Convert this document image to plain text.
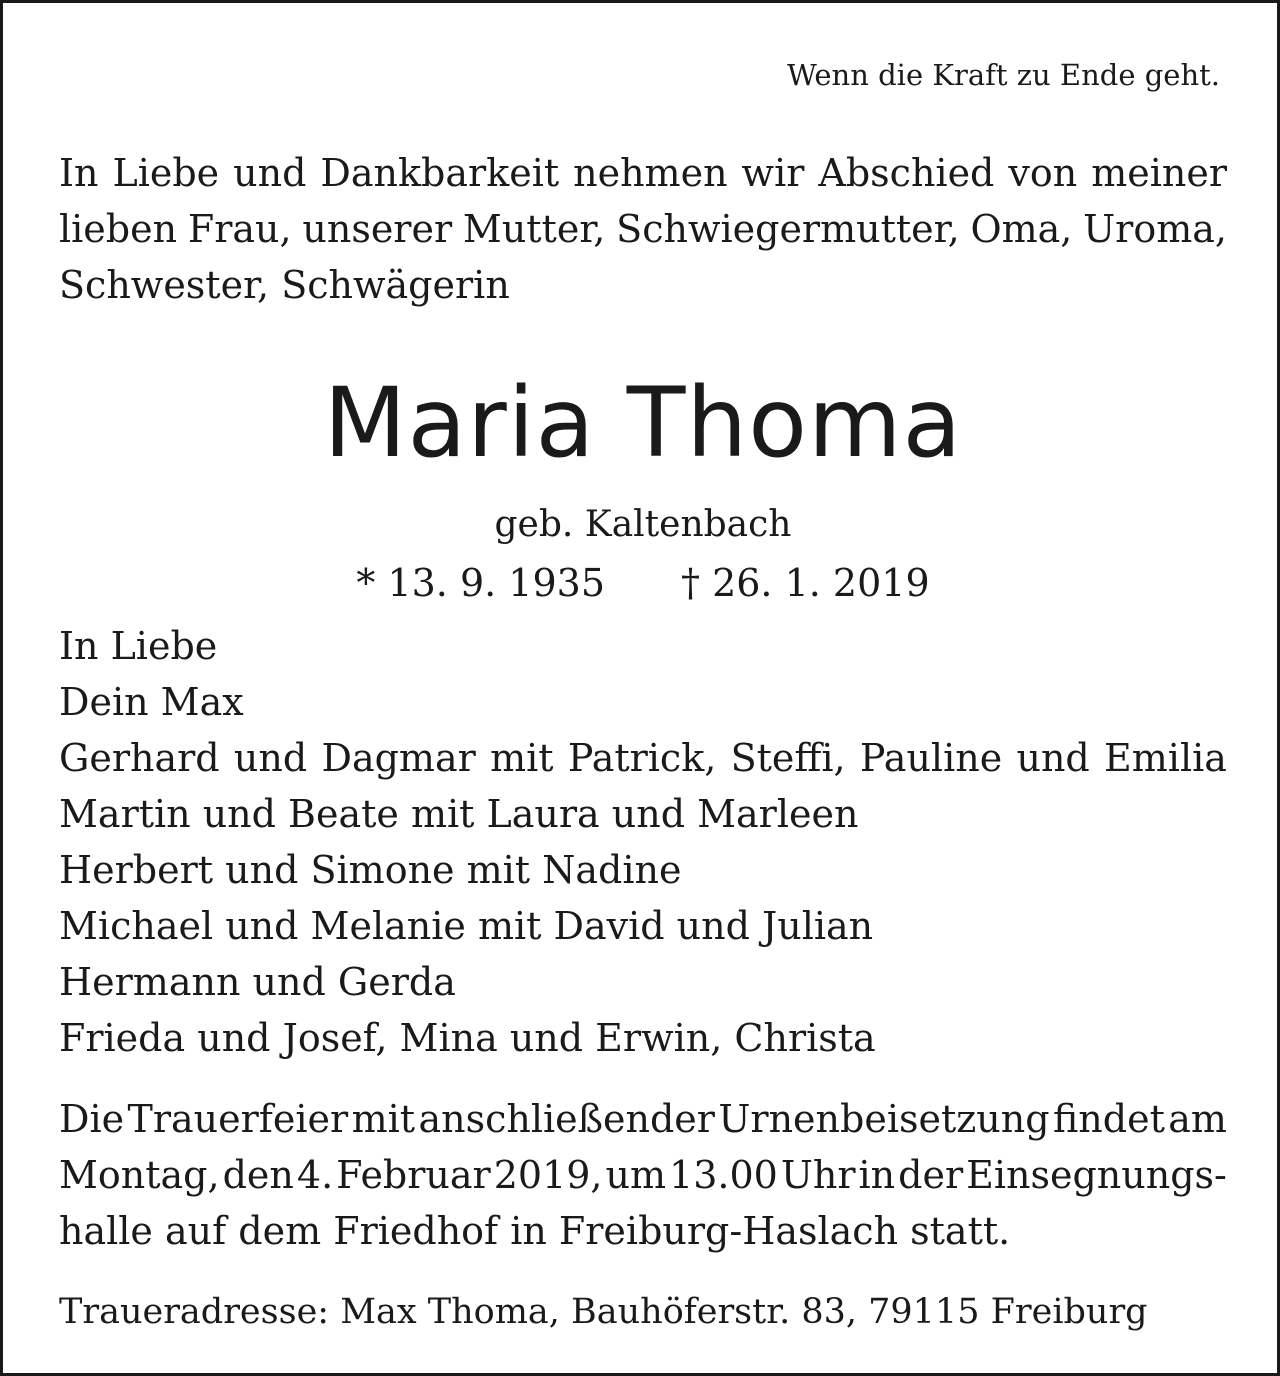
Wenn die Kraft zu Ende geht.
In Liebe und Dankbarkeit nehmen wir Abschied von meiner
lieben Frau, unserer Mutter, Schwiegermutter, Oma, Uroma,
Schwester, Schwägerin
Maria Thoma
geb. Kaltenbach
* 13. 9. 1935 † 26. 1. 2019
In Liebe
Dein Max
Gerhard und Dagmar mit Patrick, Steffi, Pauline und Emilia
Martin und Beate mit Laura und Marleen
Herbert und Simone mit Nadine
Michael und Melanie mit David und Julian
Hermann und Gerda
Frieda und Josef, Mina und Erwin, Christa
Die Trauerfeier mit anschließender Urnenbeisetzung findet am
Montag, den 4. Februar 2019, um 13.00 Uhr in der Einsegnungs-
halle auf dem Friedhof in Freiburg-Haslach statt.
Traueradresse: Max Thoma, Bauhöferstr. 83, 79115 Freiburg
